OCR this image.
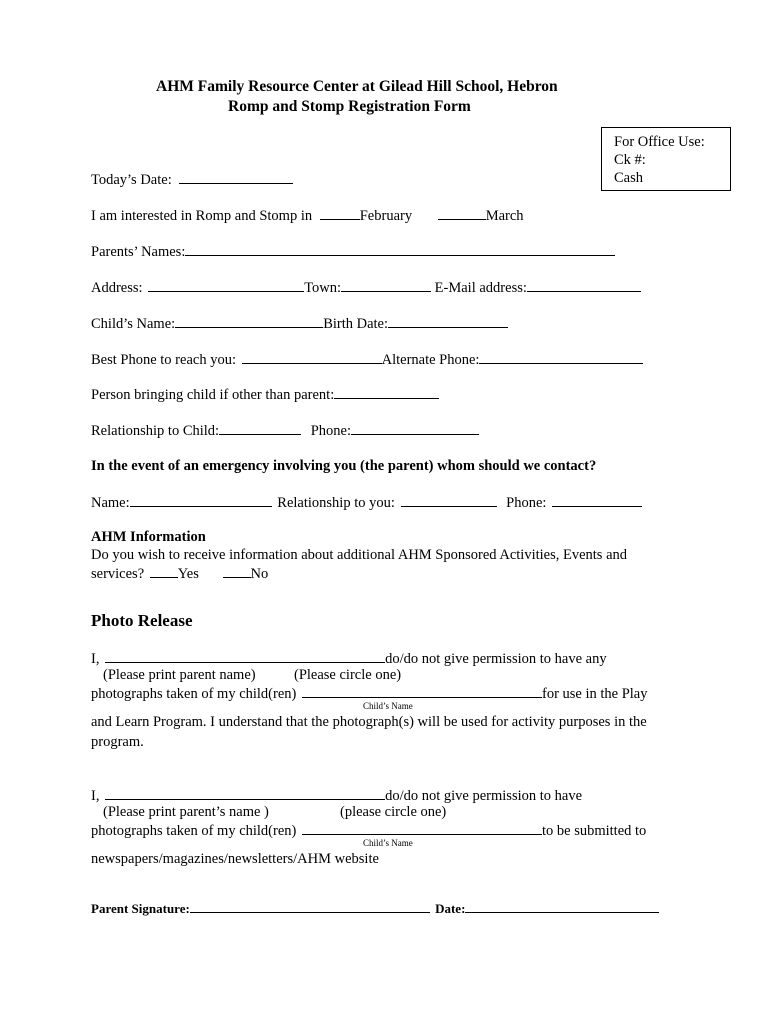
AHM Family Resource Center at Gilead Hill School, Hebron
Romp and Stomp Registration Form
For Office Use:
Ck #:
Cash
Today’s Date:
I am interested in Romp and Stomp in	February	March
Parents’ Names:
Address:	Town:	E-Mail address:
Child’s Name:	Birth Date:
Best Phone to reach you:	Alternate Phone:
Person bringing child if other than parent:
Relationship to Child:	Phone:
In the event of an emergency involving you (the parent) whom should we contact?
Name:	Relationship to you:	Phone:
AHM Information
Do you wish to receive information about additional AHM Sponsored Activities, Events and
services? Yes	No
Photo Release
I,	do/do not give permission to have any
(Please print parent name)	(Please circle one)
photographs taken of my child(ren)	for use in the Play
Child’s Name
and Learn Program. I understand that the photograph(s) will be used for activity purposes in the
program.
I,	do/do not give permission to have
(Please print parent’s name )	(please circle one)
photographs taken of my child(ren)	to be submitted to
Child’s Name
newspapers/magazines/newsletters/AHM website
Parent Signature:	Date:
